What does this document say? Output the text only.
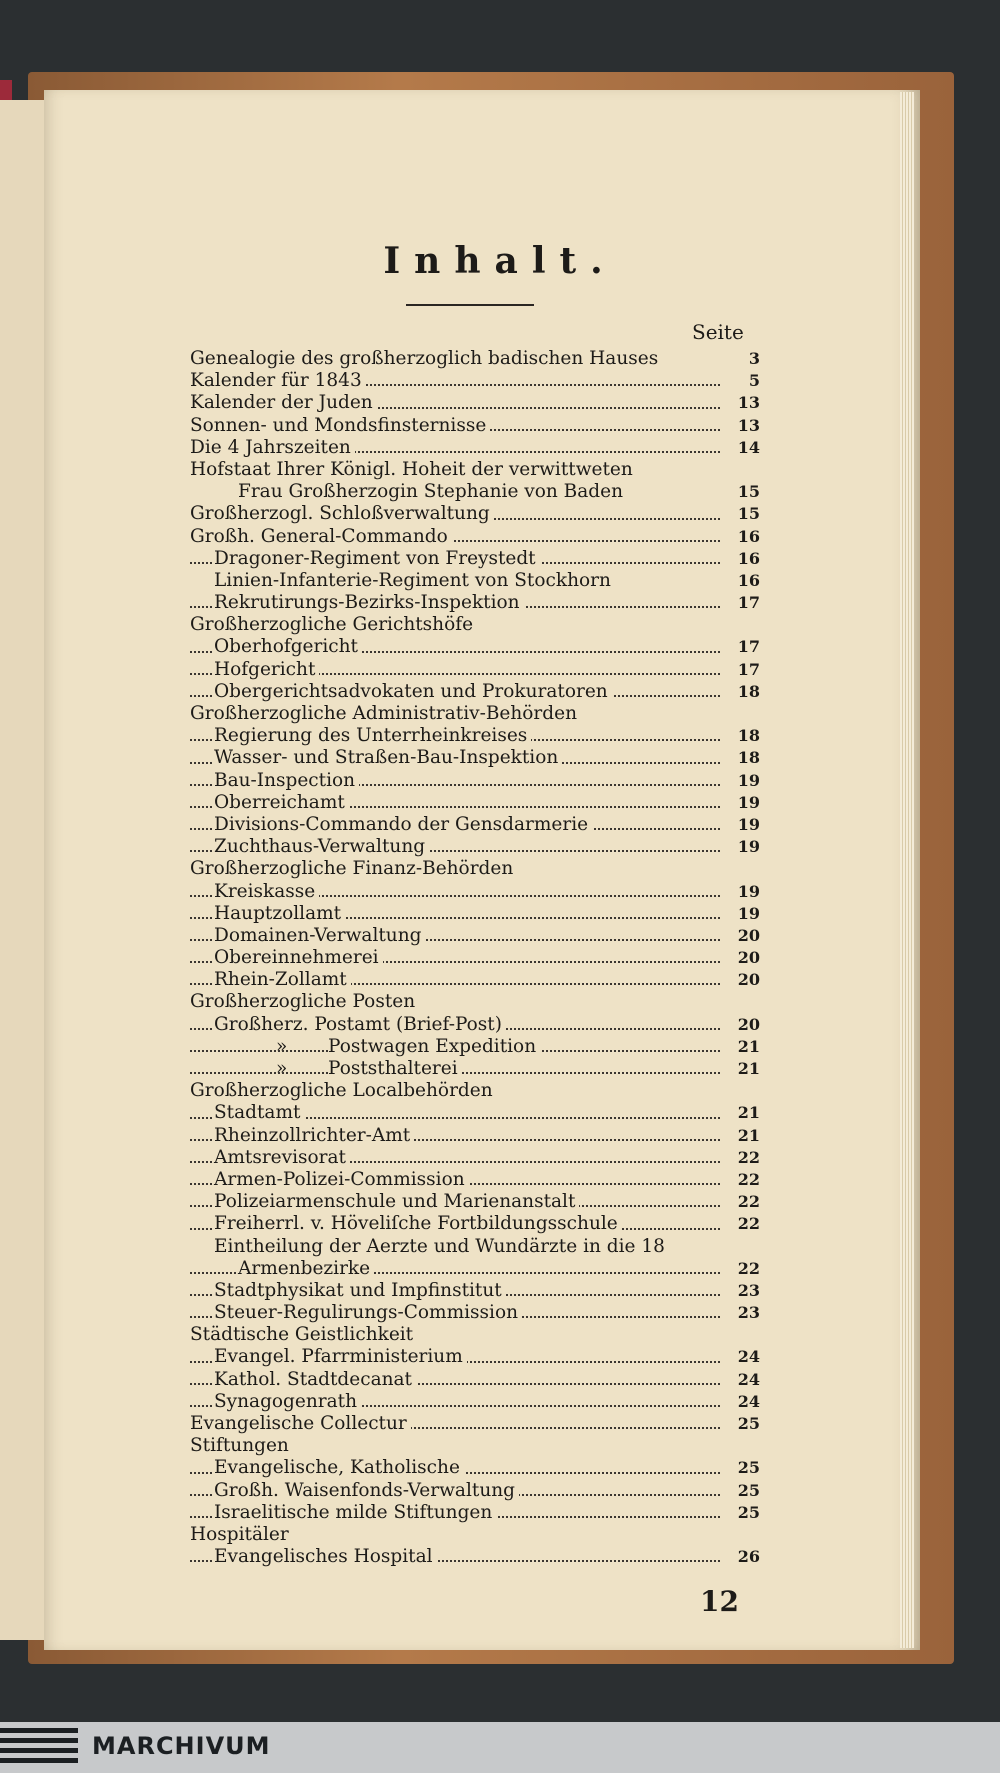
Inhalt.
Seite
Genealogie des großherzoglich badischen Hauses	3
Kalender für 1843	5
Kalender der Juden	13
Sonnen- und Mondsfinsternisse	13
Die 4 Jahrszeiten	14
Hofstaat Ihrer Königl. Hoheit der verwittweten
Frau Großherzogin Stephanie von Baden	15
Großherzogl. Schloßverwaltung	15
Großh. General-Commando	16
Dragoner-Regiment von Freystedt	16
Linien-Infanterie-Regiment von Stockhorn	16
Rekrutirungs-Bezirks-Inspektion	17
Großherzogliche Gerichtshöfe
Oberhofgericht	17
Hofgericht	17
Obergerichtsadvokaten und Prokuratoren	18
Großherzogliche Administrativ-Behörden
Regierung des Unterrheinkreises	18
Wasser- und Straßen-Bau-Inspektion	18
Bau-Inspection	19
Oberreichamt	19
Divisions-Commando der Gensdarmerie	19
Zuchthaus-Verwaltung	19
Großherzogliche Finanz-Behörden
Kreiskasse	19
Hauptzollamt	19
Domainen-Verwaltung	20
Obereinnehmerei	20
Rhein-Zollamt	20
Großherzogliche Posten
Großherz. Postamt (Brief-Post)	20
» Postwagen Expedition	21
» Poststhalterei	21
Großherzogliche Localbehörden
Stadtamt	21
Rheinzollrichter-Amt	21
Amtsrevisorat	22
Armen-Polizei-Commission	22
Polizeiarmenschule und Marienanstalt	22
Freiherrl. v. Höveliſche Fortbildungsschule	22
Eintheilung der Aerzte und Wundärzte in die 18
Armenbezirke	22
Stadtphysikat und Impfinstitut	23
Steuer-Regulirungs-Commission	23
Städtische Geistlichkeit
Evangel. Pfarrministerium	24
Kathol. Stadtdecanat	24
Synagogenrath	24
Evangelische Collectur	25
Stiftungen
Evangelische, Katholische	25
Großh. Waisenfonds-Verwaltung	25
Israelitische milde Stiftungen	25
Hospitäler
Evangelisches Hospital	26
12
MARCHIVUM
